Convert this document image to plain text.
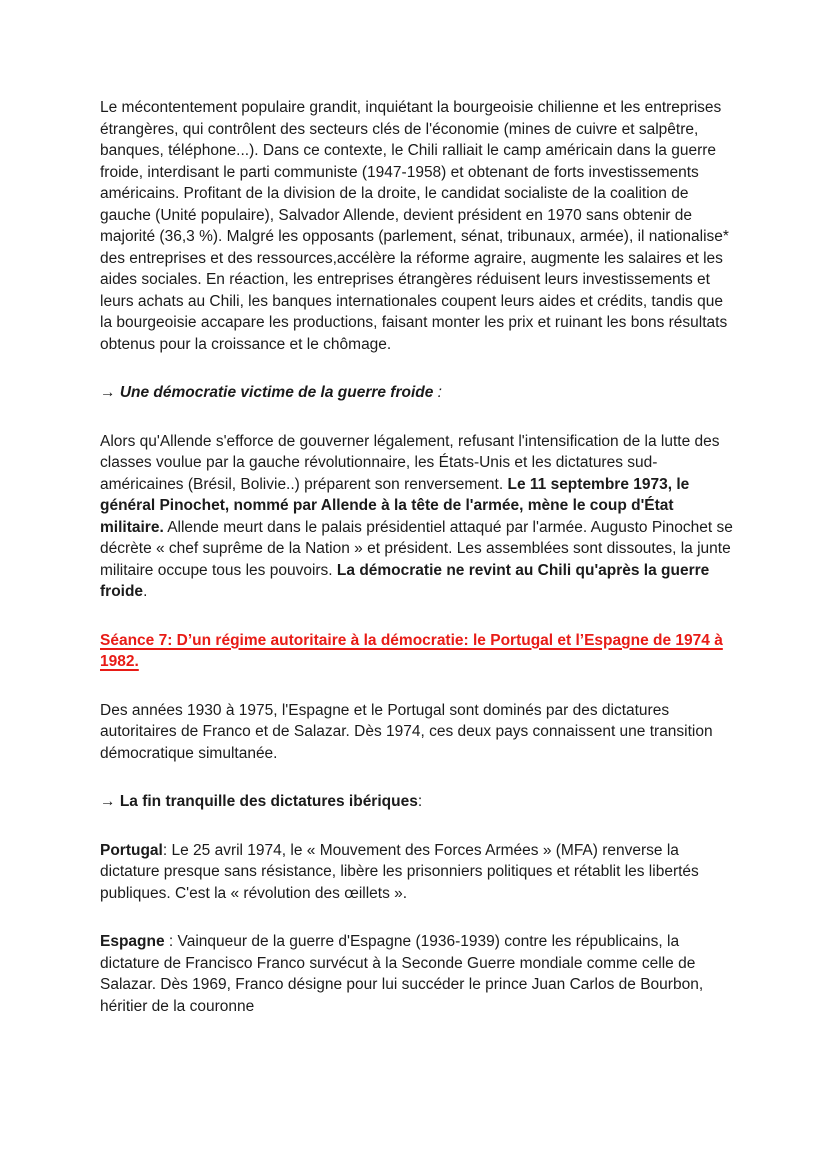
Le mécontentement populaire grandit, inquiétant la bourgeoisie chilienne et les entreprises étrangères, qui contrôlent des secteurs clés de l'économie (mines de cuivre et salpêtre, banques, téléphone...). Dans ce contexte, le Chili ralliait le camp américain dans la guerre froide, interdisant le parti communiste (1947-1958) et obtenant de forts investissements américains. Profitant de la division de la droite, le candidat socialiste de la coalition de gauche (Unité populaire), Salvador Allende, devient président en 1970 sans obtenir de majorité (36,3 %). Malgré les opposants (parlement, sénat, tribunaux, armée), il nationalise* des entreprises et des ressources,accélère la réforme agraire, augmente les salaires et les aides sociales. En réaction, les entreprises étrangères réduisent leurs investissements et leurs achats au Chili, les banques internationales coupent leurs aides et crédits, tandis que la bourgeoisie accapare les productions, faisant monter les prix et ruinant les bons résultats obtenus pour la croissance et le chômage.

→ Une démocratie victime de la guerre froide :

Alors qu'Allende s'efforce de gouverner légalement, refusant l'intensification de la lutte des classes voulue par la gauche révolutionnaire, les États-Unis et les dictatures sud-américaines (Brésil, Bolivie..) préparent son renversement. Le 11 septembre 1973, le général Pinochet, nommé par Allende à la tête de l'armée, mène le coup d'État militaire. Allende meurt dans le palais présidentiel attaqué par l'armée. Augusto Pinochet se décrète « chef suprême de la Nation » et président. Les assemblées sont dissoutes, la junte militaire occupe tous les pouvoirs. La démocratie ne revint au Chili qu'après la guerre froide.

Séance 7: D’un régime autoritaire à la démocratie: le Portugal et l’Espagne de 1974 à 1982.

Des années 1930 à 1975, l'Espagne et le Portugal sont dominés par des dictatures autoritaires de Franco et de Salazar. Dès 1974, ces deux pays connaissent une transition démocratique simultanée.

→ La fin tranquille des dictatures ibériques:

Portugal: Le 25 avril 1974, le « Mouvement des Forces Armées » (MFA) renverse la dictature presque sans résistance, libère les prisonniers politiques et rétablit les libertés publiques. C'est la « révolution des œillets ».

Espagne : Vainqueur de la guerre d'Espagne (1936-1939) contre les républicains, la dictature de Francisco Franco survécut à la Seconde Guerre mondiale comme celle de Salazar. Dès 1969, Franco désigne pour lui succéder le prince Juan Carlos de Bourbon, héritier de la couronne
